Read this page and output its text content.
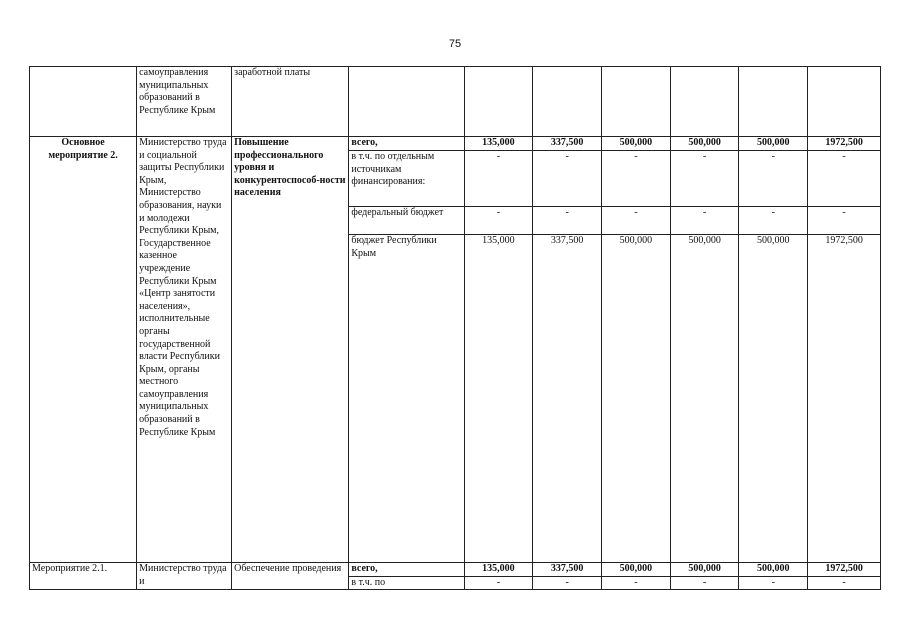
75
	самоуправления муниципальных образований в Республике Крым	заработной платы							
Основное мероприятие 2.	Министерство труда и социальной защиты Республики Крым, Министерство образования, науки и молодежи Республики Крым, Государственное казенное учреждение Республики Крым «Центр занятости населения», исполнительные органы государственной власти Республики Крым, органы местного самоуправления муниципальных образований в Республике Крым	Повышение профессионального уровня и конкурентоспособ-ности населения	всего,	135,000	337,500	500,000	500,000	500,000	1972,500
			в т.ч. по отдельным источникам финансирования:	-	-	-	-	-	-
			федеральный бюджет	-	-	-	-	-	-
			бюджет Республики Крым	135,000	337,500	500,000	500,000	500,000	1972,500
Мероприятие 2.1.	Министерство труда и	Обеспечение проведения	всего,	135,000	337,500	500,000	500,000	500,000	1972,500
			в т.ч. по	-	-	-	-	-	-
